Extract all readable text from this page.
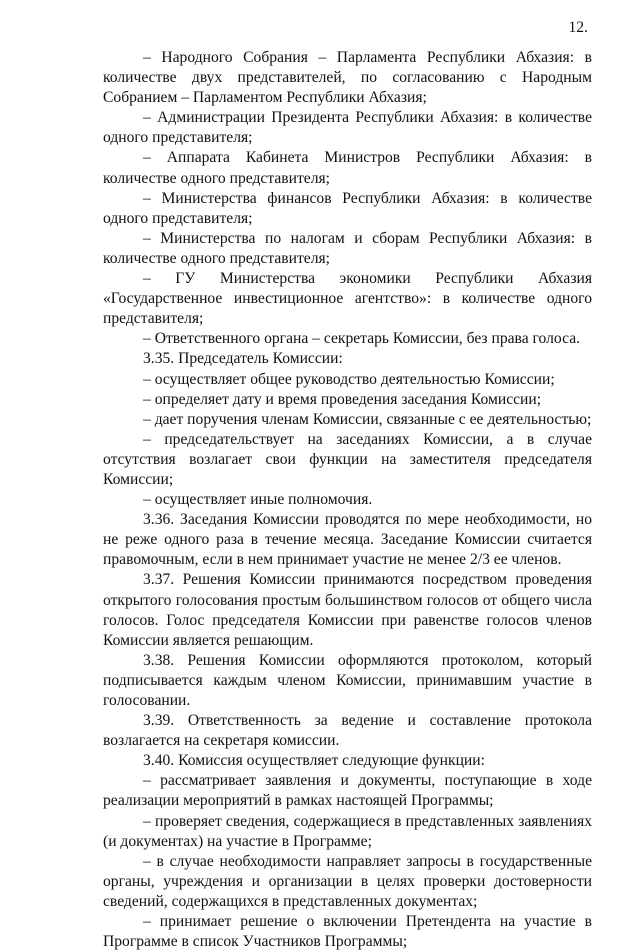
12.

– Народного Собрания – Парламента Республики Абхазия: в количестве двух представителей, по согласованию с Народным Собранием – Парламентом Республики Абхазия;

– Администрации Президента Республики Абхазия: в количестве одного представителя;

– Аппарата Кабинета Министров Республики Абхазия: в количестве одного представителя;

– Министерства финансов Республики Абхазия: в количестве одного представителя;

– Министерства по налогам и сборам Республики Абхазия: в количестве одного представителя;

– ГУ Министерства экономики Республики Абхазия «Государственное инвестиционное агентство»: в количестве одного представителя;

– Ответственного органа – секретарь Комиссии, без права голоса.

3.35. Председатель Комиссии:

– осуществляет общее руководство деятельностью Комиссии;

– определяет дату и время проведения заседания Комиссии;

– дает поручения членам Комиссии, связанные с ее деятельностью;

– председательствует на заседаниях Комиссии, а в случае отсутствия возлагает свои функции на заместителя председателя Комиссии;

– осуществляет иные полномочия.

3.36. Заседания Комиссии проводятся по мере необходимости, но не реже одного раза в течение месяца. Заседание Комиссии считается правомочным, если в нем принимает участие не менее 2/3 ее членов.

3.37. Решения Комиссии принимаются посредством проведения открытого голосования простым большинством голосов от общего числа голосов. Голос председателя Комиссии при равенстве голосов членов Комиссии является решающим.

3.38. Решения Комиссии оформляются протоколом, который подписывается каждым членом Комиссии, принимавшим участие в голосовании.

3.39. Ответственность за ведение и составление протокола возлагается на секретаря комиссии.

3.40. Комиссия осуществляет следующие функции:

– рассматривает заявления и документы, поступающие в ходе реализации мероприятий в рамках настоящей Программы;

– проверяет сведения, содержащиеся в представленных заявлениях (и документах) на участие в Программе;

– в случае необходимости направляет запросы в государственные органы, учреждения и организации в целях проверки достоверности сведений, содержащихся в представленных документах;

– принимает решение о включении Претендента на участие в Программе в список Участников Программы;
